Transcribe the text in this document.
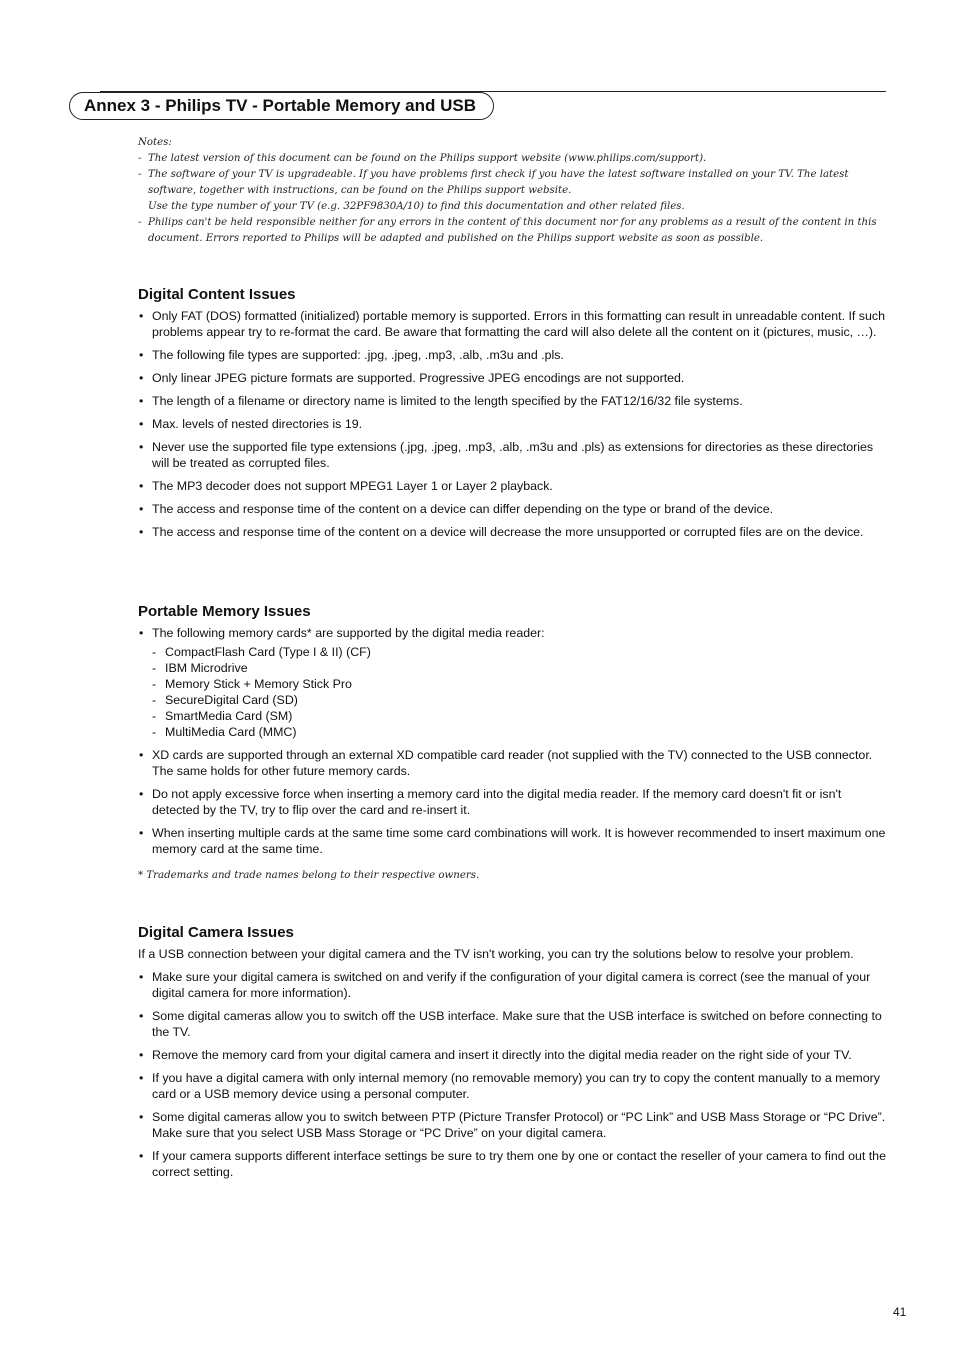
Annex 3 - Philips TV - Portable Memory and USB
Notes:
- The latest version of this document can be found on the Philips support website (www.philips.com/support).
- The software of your TV is upgradeable. If you have problems first check if you have the latest software installed on your TV. The latest software, together with instructions, can be found on the Philips support website.
Use the type number of your TV (e.g. 32PF9830A/10) to find this documentation and other related files.
- Philips can't be held responsible neither for any errors in the content of this document nor for any problems as a result of the content in this document. Errors reported to Philips will be adapted and published on the Philips support website as soon as possible.
Digital Content Issues
• Only FAT (DOS) formatted (initialized) portable memory is supported. Errors in this formatting can result in unreadable content. If such problems appear try to re-format the card. Be aware that formatting the card will also delete all the content on it (pictures, music, …).
• The following file types are supported: .jpg, .jpeg, .mp3, .alb, .m3u and .pls.
• Only linear JPEG picture formats are supported. Progressive JPEG encodings are not supported.
• The length of a filename or directory name is limited to the length specified by the FAT12/16/32 file systems.
• Max. levels of nested directories is 19.
• Never use the supported file type extensions (.jpg, .jpeg, .mp3, .alb, .m3u and .pls) as extensions for directories as these directories will be treated as corrupted files.
• The MP3 decoder does not support MPEG1 Layer 1 or Layer 2 playback.
• The access and response time of the content on a device can differ depending on the type or brand of the device.
• The access and response time of the content on a device will decrease the more unsupported or corrupted files are on the device.
Portable Memory Issues
• The following memory cards* are supported by the digital media reader:
- CompactFlash Card (Type I & II) (CF)
- IBM Microdrive
- Memory Stick + Memory Stick Pro
- SecureDigital Card (SD)
- SmartMedia Card (SM)
- MultiMedia Card (MMC)
• XD cards are supported through an external XD compatible card reader (not supplied with the TV) connected to the USB connector. The same holds for other future memory cards.
• Do not apply excessive force when inserting a memory card into the digital media reader. If the memory card doesn't fit or isn't detected by the TV, try to flip over the card and re-insert it.
• When inserting multiple cards at the same time some card combinations will work. It is however recommended to insert maximum one memory card at the same time.
* Trademarks and trade names belong to their respective owners.
Digital Camera Issues
If a USB connection between your digital camera and the TV isn't working, you can try the solutions below to resolve your problem.
• Make sure your digital camera is switched on and verify if the configuration of your digital camera is correct (see the manual of your digital camera for more information).
• Some digital cameras allow you to switch off the USB interface. Make sure that the USB interface is switched on before connecting to the TV.
• Remove the memory card from your digital camera and insert it directly into the digital media reader on the right side of your TV.
• If you have a digital camera with only internal memory (no removable memory) you can try to copy the content manually to a memory card or a USB memory device using a personal computer.
• Some digital cameras allow you to switch between PTP (Picture Transfer Protocol) or “PC Link” and USB Mass Storage or “PC Drive”. Make sure that you select USB Mass Storage or “PC Drive” on your digital camera.
• If your camera supports different interface settings be sure to try them one by one or contact the reseller of your camera to find out the correct setting.
41
